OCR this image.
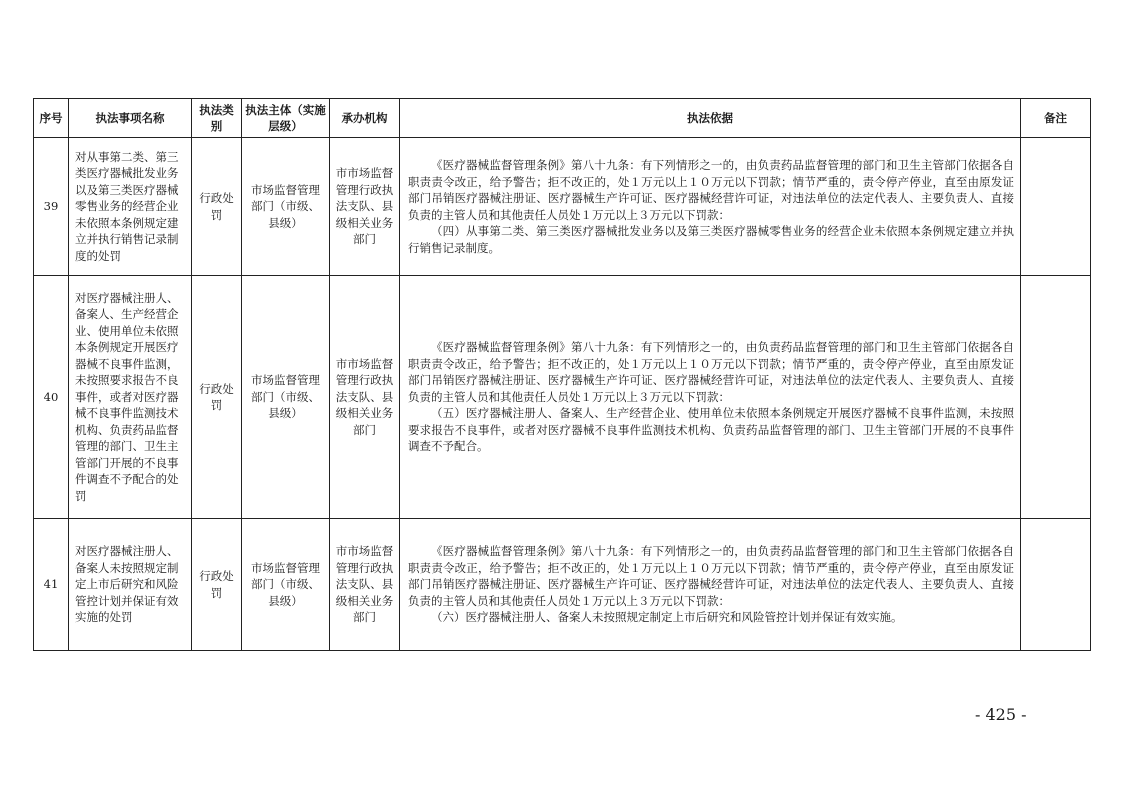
序号	执法事项名称	执法类别	执法主体（实施层级）	承办机构	执法依据	备注
39	对从事第二类、第三类医疗器械批发业务以及第三类医疗器械零售业务的经营企业未依照本条例规定建立并执行销售记录制度的处罚	行政处罚	市场监督管理部门（市级、县级）	市市场监督管理行政执法支队、县级相关业务部门	《医疗器械监督管理条例》第八十九条：有下列情形之一的，由负责药品监督管理的部门和卫生主管部门依据各自职责责令改正，给予警告；拒不改正的，处１万元以上１０万元以下罚款；情节严重的，责令停产停业，直至由原发证部门吊销医疗器械注册证、医疗器械生产许可证、医疗器械经营许可证，对违法单位的法定代表人、主要负责人、直接负责的主管人员和其他责任人员处１万元以上３万元以下罚款：

（四）从事第二类、第三类医疗器械批发业务以及第三类医疗器械零售业务的经营企业未依照本条例规定建立并执行销售记录制度。	

40	对医疗器械注册人、备案人、生产经营企业、使用单位未依照本条例规定开展医疗器械不良事件监测，未按照要求报告不良事件，或者对医疗器械不良事件监测技术机构、负责药品监督管理的部门、卫生主管部门开展的不良事件调查不予配合的处罚	行政处罚	市场监督管理部门（市级、县级）	市市场监督管理行政执法支队、县级相关业务部门	《医疗器械监督管理条例》第八十九条：有下列情形之一的，由负责药品监督管理的部门和卫生主管部门依据各自职责责令改正，给予警告；拒不改正的，处１万元以上１０万元以下罚款；情节严重的，责令停产停业，直至由原发证部门吊销医疗器械注册证、医疗器械生产许可证、医疗器械经营许可证，对违法单位的法定代表人、主要负责人、直接负责的主管人员和其他责任人员处１万元以上３万元以下罚款：

（五）医疗器械注册人、备案人、生产经营企业、使用单位未依照本条例规定开展医疗器械不良事件监测，未按照要求报告不良事件，或者对医疗器械不良事件监测技术机构、负责药品监督管理的部门、卫生主管部门开展的不良事件调查不予配合。	

41	对医疗器械注册人、备案人未按照规定制定上市后研究和风险管控计划并保证有效实施的处罚	行政处罚	市场监督管理部门（市级、县级）	市市场监督管理行政执法支队、县级相关业务部门	《医疗器械监督管理条例》第八十九条：有下列情形之一的，由负责药品监督管理的部门和卫生主管部门依据各自职责责令改正，给予警告；拒不改正的，处１万元以上１０万元以下罚款；情节严重的，责令停产停业，直至由原发证部门吊销医疗器械注册证、医疗器械生产许可证、医疗器械经营许可证，对违法单位的法定代表人、主要负责人、直接负责的主管人员和其他责任人员处１万元以上３万元以下罚款：

（六）医疗器械注册人、备案人未按照规定制定上市后研究和风险管控计划并保证有效实施。	

- 425 -
